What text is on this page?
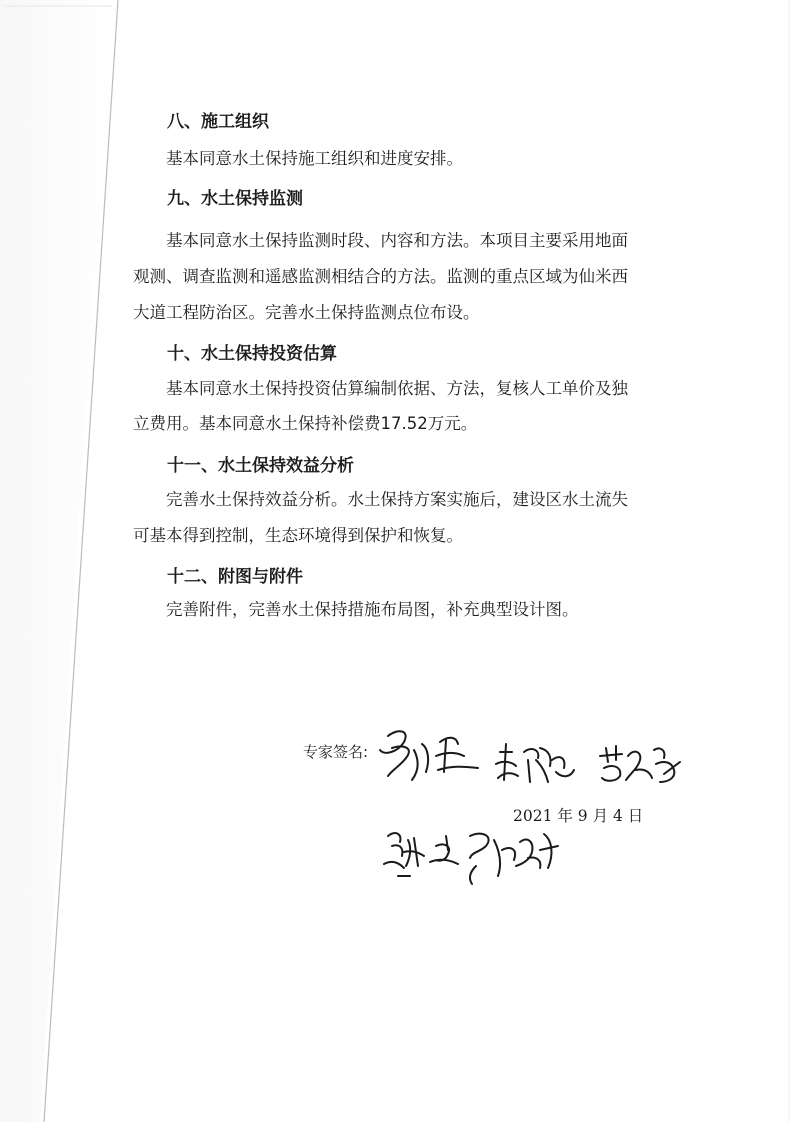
八、施工组织

基本同意水土保持施工组织和进度安排。

九、水土保持监测

基本同意水土保持监测时段、内容和方法。本项目主要采用地面

观测、调查监测和遥感监测相结合的方法。监测的重点区域为仙米西

大道工程防治区。完善水土保持监测点位布设。

十、水土保持投资估算

基本同意水土保持投资估算编制依据、方法，复核人工单价及独

立费用。基本同意水土保持补偿费17.52万元。

十一、水土保持效益分析

完善水土保持效益分析。水土保持方案实施后，建设区水土流失

可基本得到控制，生态环境得到保护和恢复。

十二、附图与附件

完善附件，完善水土保持措施布局图，补充典型设计图。

专家签名:
2021 年 9 月 4 日
